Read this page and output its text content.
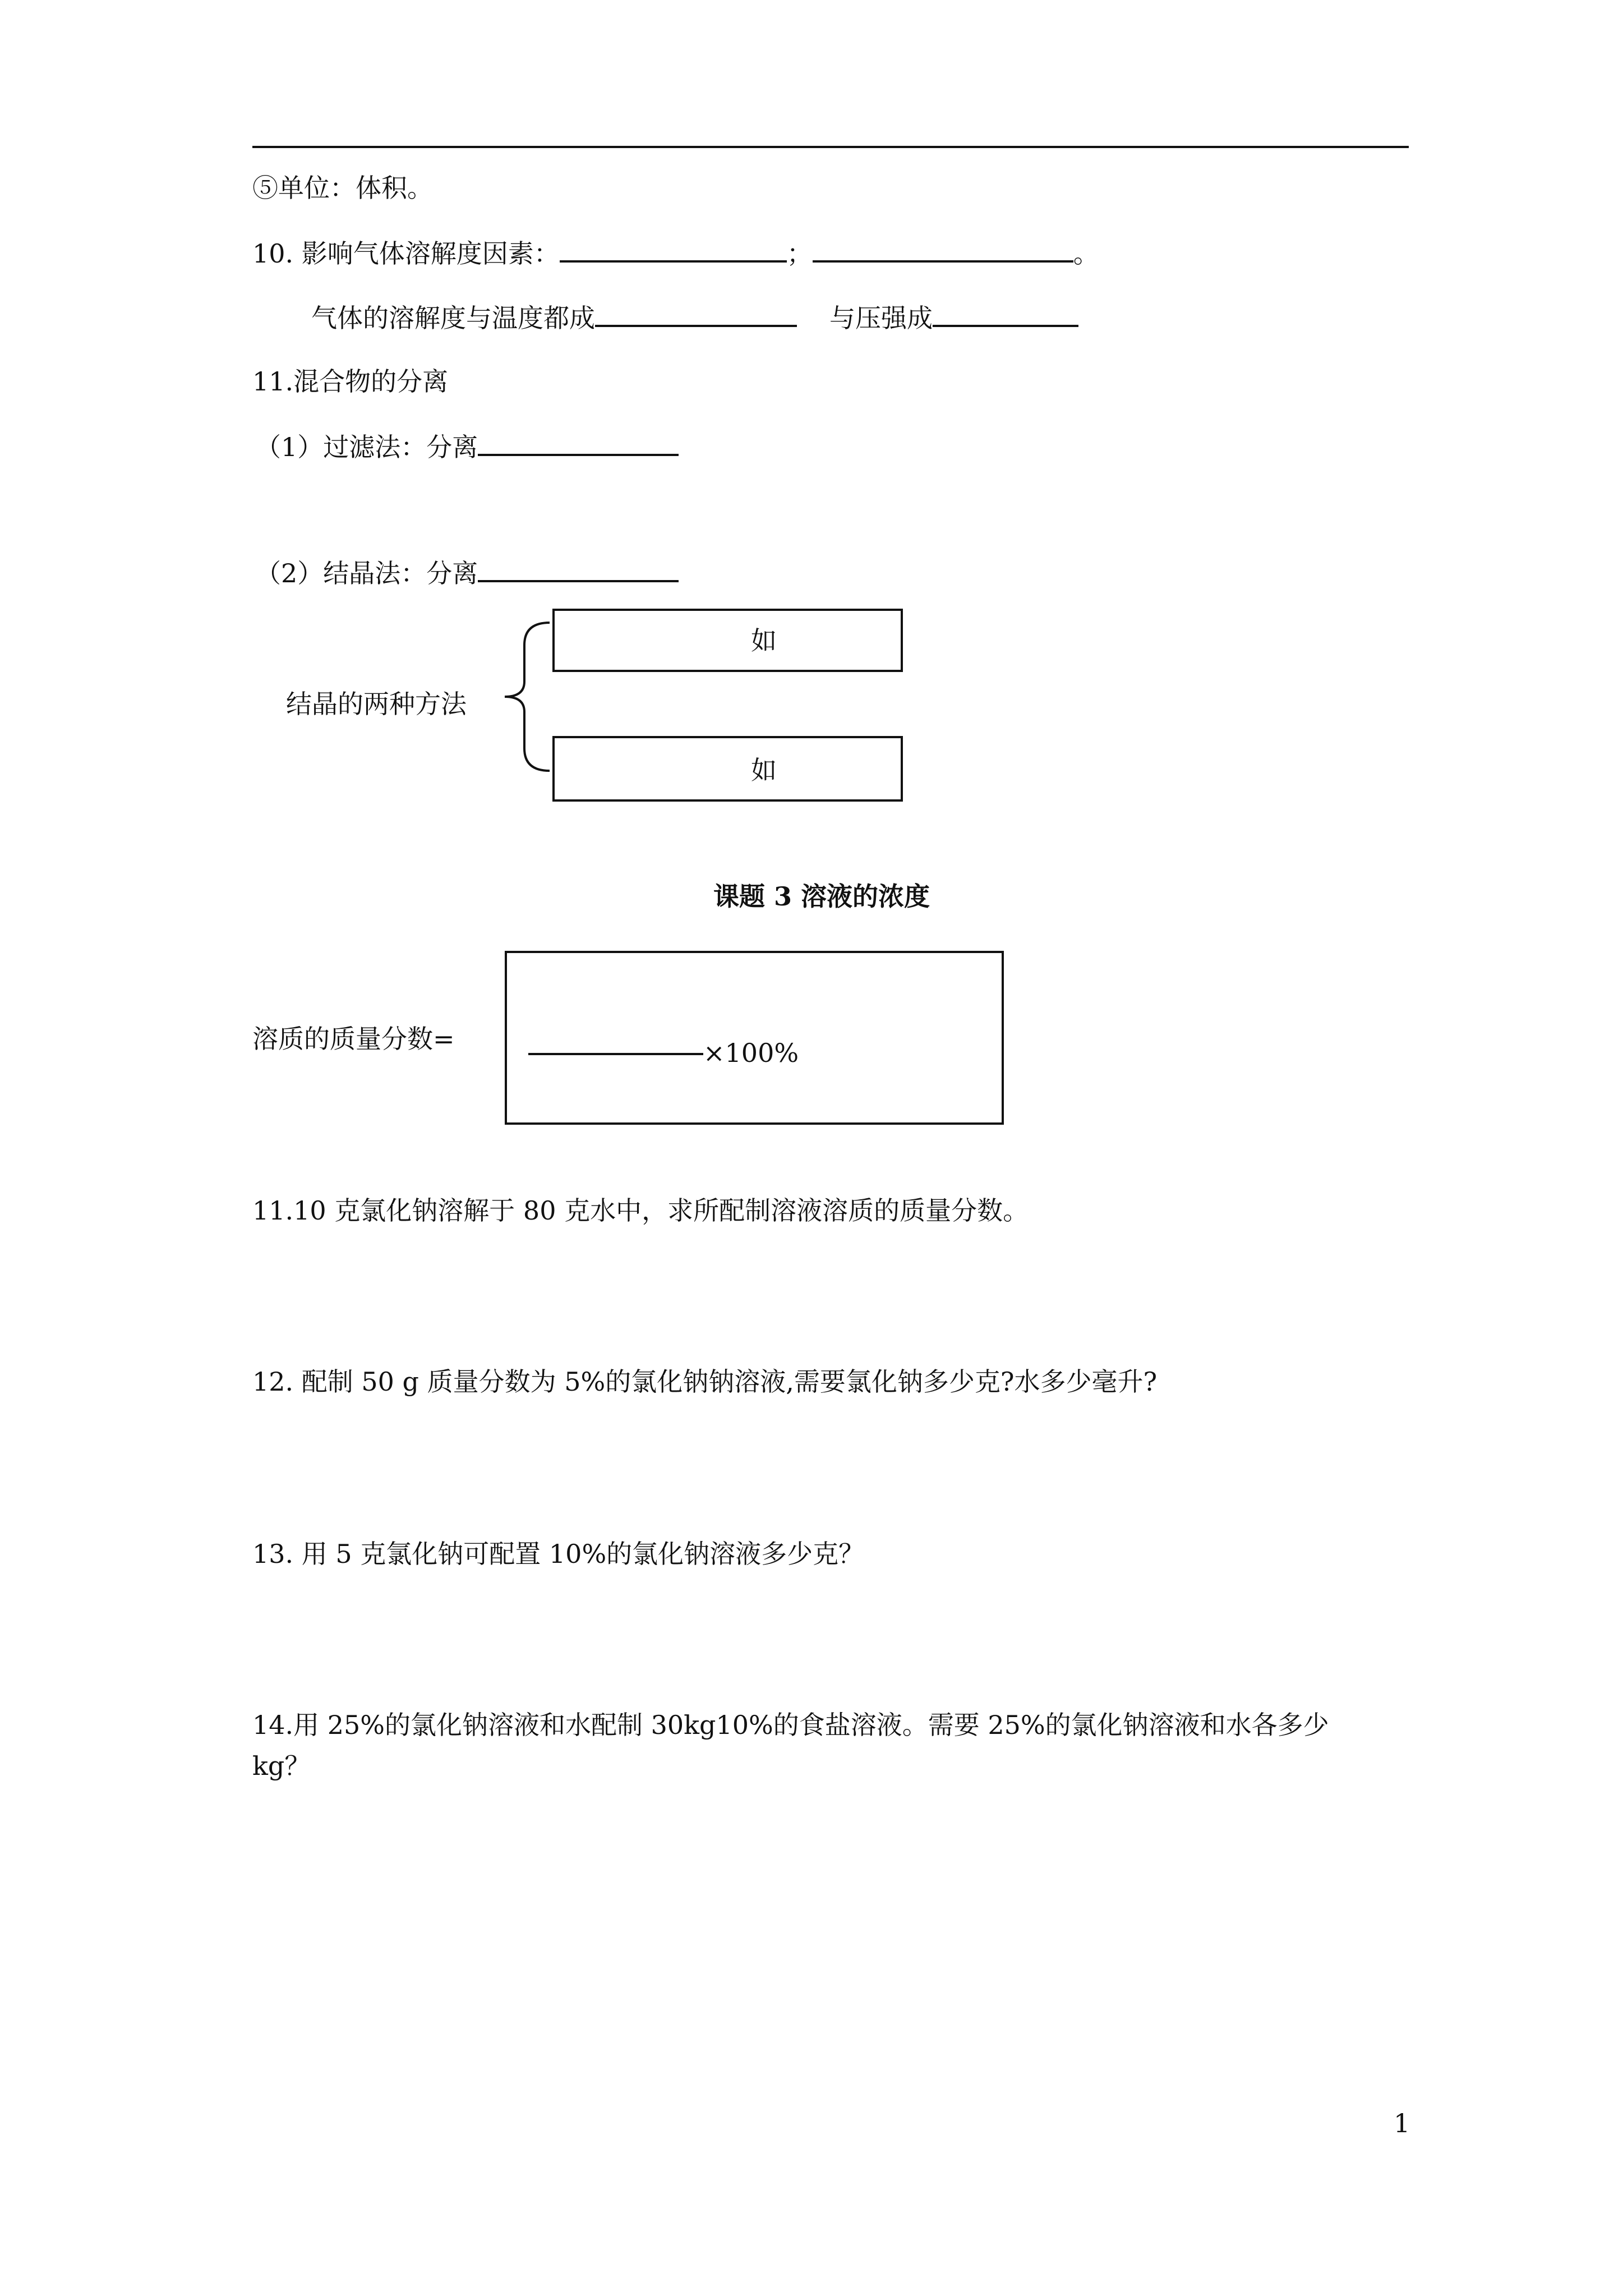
⑤单位：体积。
10. 影响气体溶解度因素：	；	。
气体的溶解度与温度都成	与压强成
11.混合物的分离
（1）过滤法：分离
（2）结晶法：分离
结晶的两种方法
如
如
课题 3 溶液的浓度
溶质的质量分数=	×100%
11.10 克氯化钠溶解于 80 克水中，求所配制溶液溶质的质量分数。
12. 配制 50 g 质量分数为 5%的氯化钠钠溶液,需要氯化钠多少克?水多少毫升?
13. 用 5 克氯化钠可配置 10%的氯化钠溶液多少克？
14.用 25%的氯化钠溶液和水配制 30kg10%的食盐溶液。需要 25%的氯化钠溶液和水各多少
kg？
1
